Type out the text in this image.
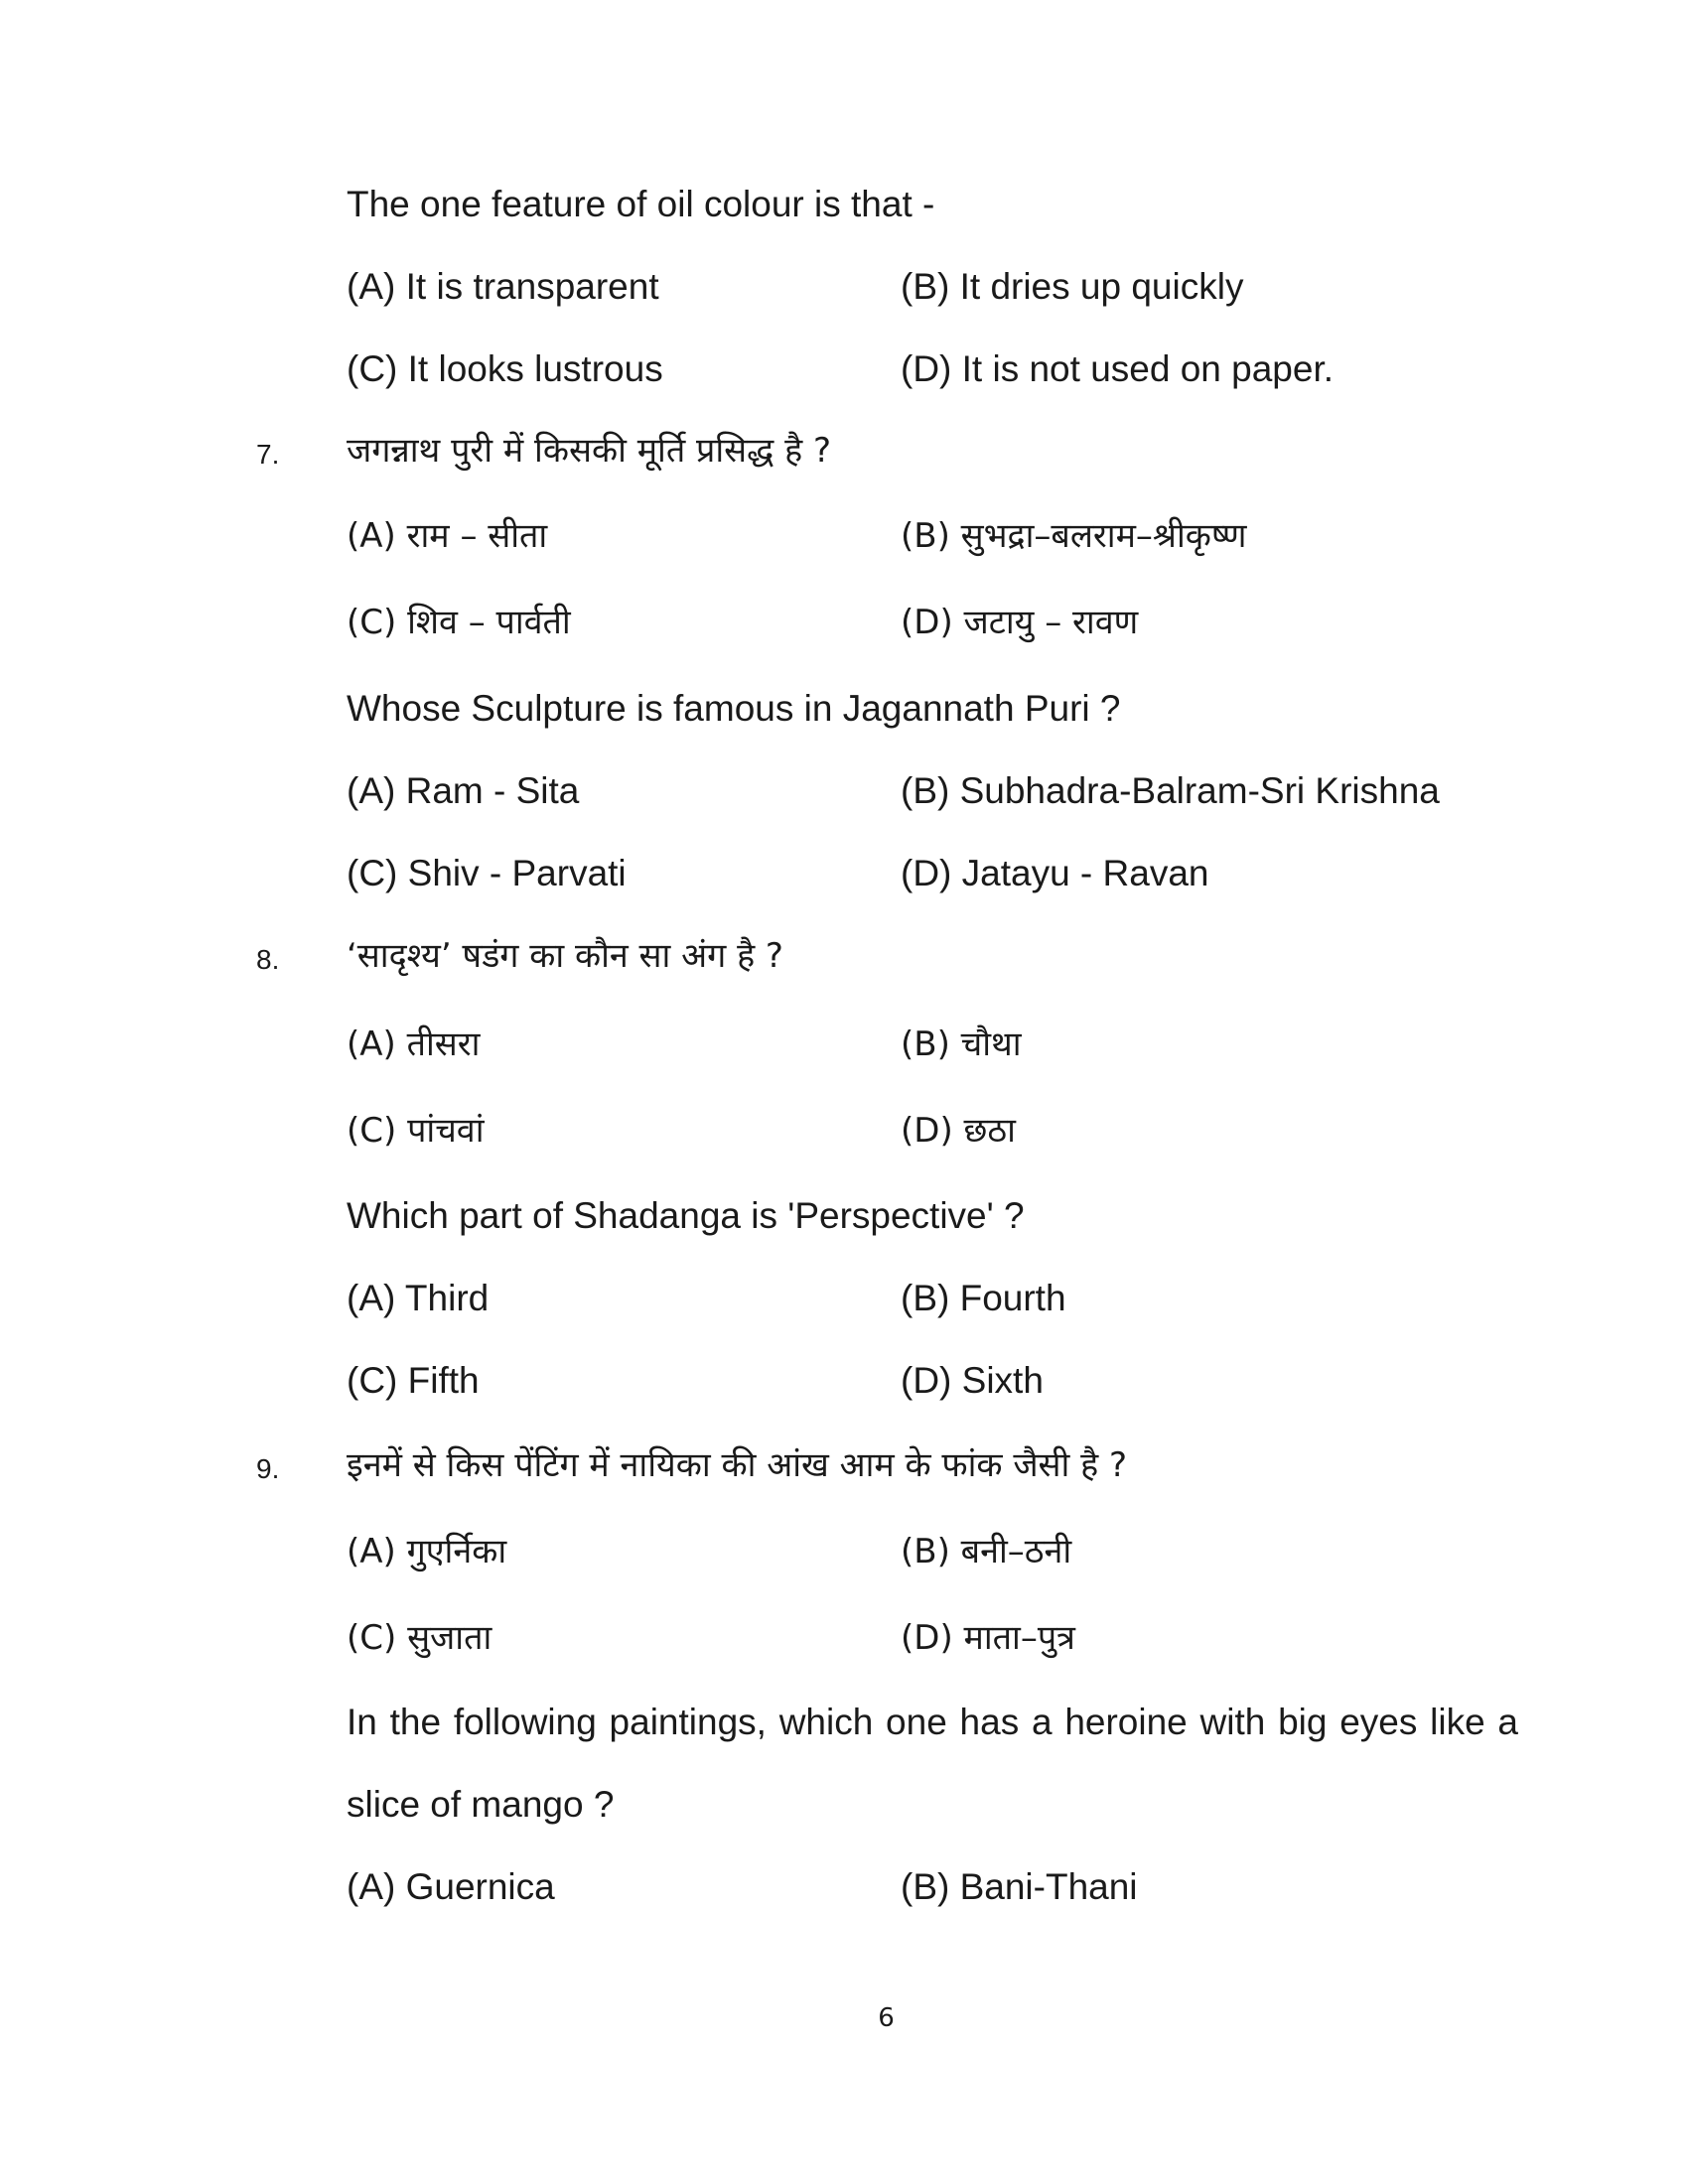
The one feature of oil colour is that -
(A) It is transparent	(B) It dries up quickly
(C) It looks lustrous	(D) It is not used on paper.
7. जगन्नाथ पुरी में किसकी मूर्ति प्रसिद्ध है ?
(A) राम – सीता	(B) सुभद्रा–बलराम–श्रीकृष्ण
(C) शिव – पार्वती	(D) जटायु – रावण
Whose Sculpture is famous in Jagannath Puri ?
(A) Ram - Sita	(B) Subhadra-Balram-Sri Krishna
(C) Shiv - Parvati	(D) Jatayu - Ravan
8. ‘सादृश्य’ षडंग का कौन सा अंग है ?
(A) तीसरा	(B) चौथा
(C) पांचवां	(D) छठा
Which part of Shadanga is 'Perspective' ?
(A) Third	(B) Fourth
(C) Fifth	(D) Sixth
9. इनमें से किस पेंटिंग में नायिका की आंख आम के फांक जैसी है ?
(A) गुएर्निका	(B) बनी–ठनी
(C) सुजाता	(D) माता–पुत्र
In the following paintings, which one has a heroine with big eyes like a
slice of mango ?
(A) Guernica	(B) Bani-Thani
6
